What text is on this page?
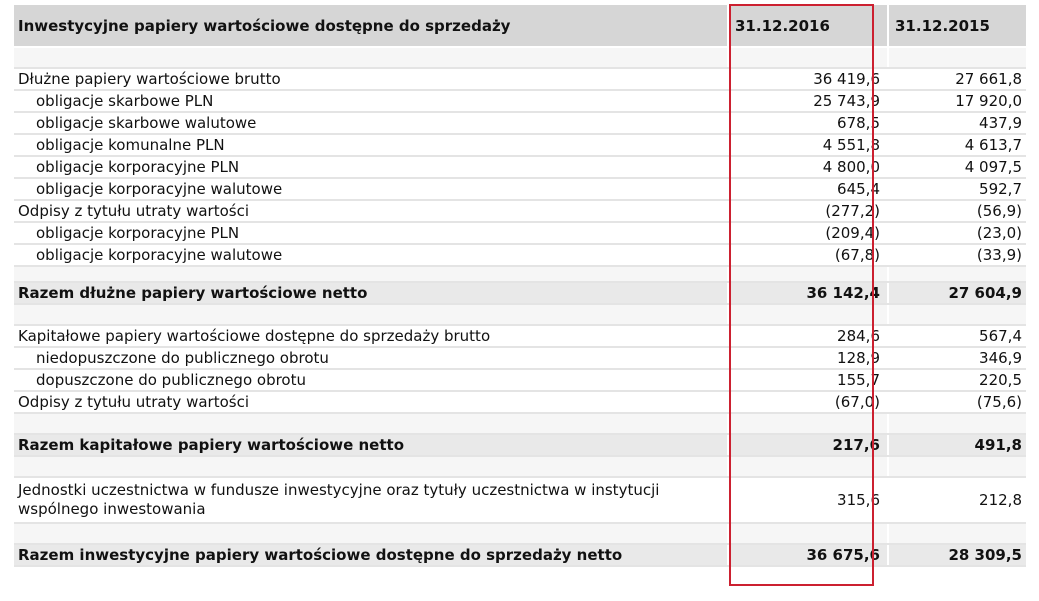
Inwestycyjne papiery wartościowe dostępne do sprzedaży	31.12.2016	31.12.2015

Dłużne papiery wartościowe brutto	36 419,6	27 661,8
obligacje skarbowe PLN	25 743,9	17 920,0
obligacje skarbowe walutowe	678,5	437,9
obligacje komunalne PLN	4 551,8	4 613,7
obligacje korporacyjne PLN	4 800,0	4 097,5
obligacje korporacyjne walutowe	645,4	592,7
Odpisy z tytułu utraty wartości	(277,2)	(56,9)
obligacje korporacyjne PLN	(209,4)	(23,0)
obligacje korporacyjne walutowe	(67,8)	(33,9)

Razem dłużne papiery wartościowe netto	36 142,4	27 604,9

Kapitałowe papiery wartościowe dostępne do sprzedaży brutto	284,6	567,4
niedopuszczone do publicznego obrotu	128,9	346,9
dopuszczone do publicznego obrotu	155,7	220,5
Odpisy z tytułu utraty wartości	(67,0)	(75,6)

Razem kapitałowe papiery wartościowe netto	217,6	491,8

Jednostki uczestnictwa w fundusze inwestycyjne oraz tytuły uczestnictwa w instytucji wspólnego inwestowania	315,6	212,8

Razem inwestycyjne papiery wartościowe dostępne do sprzedaży netto	36 675,6	28 309,5
